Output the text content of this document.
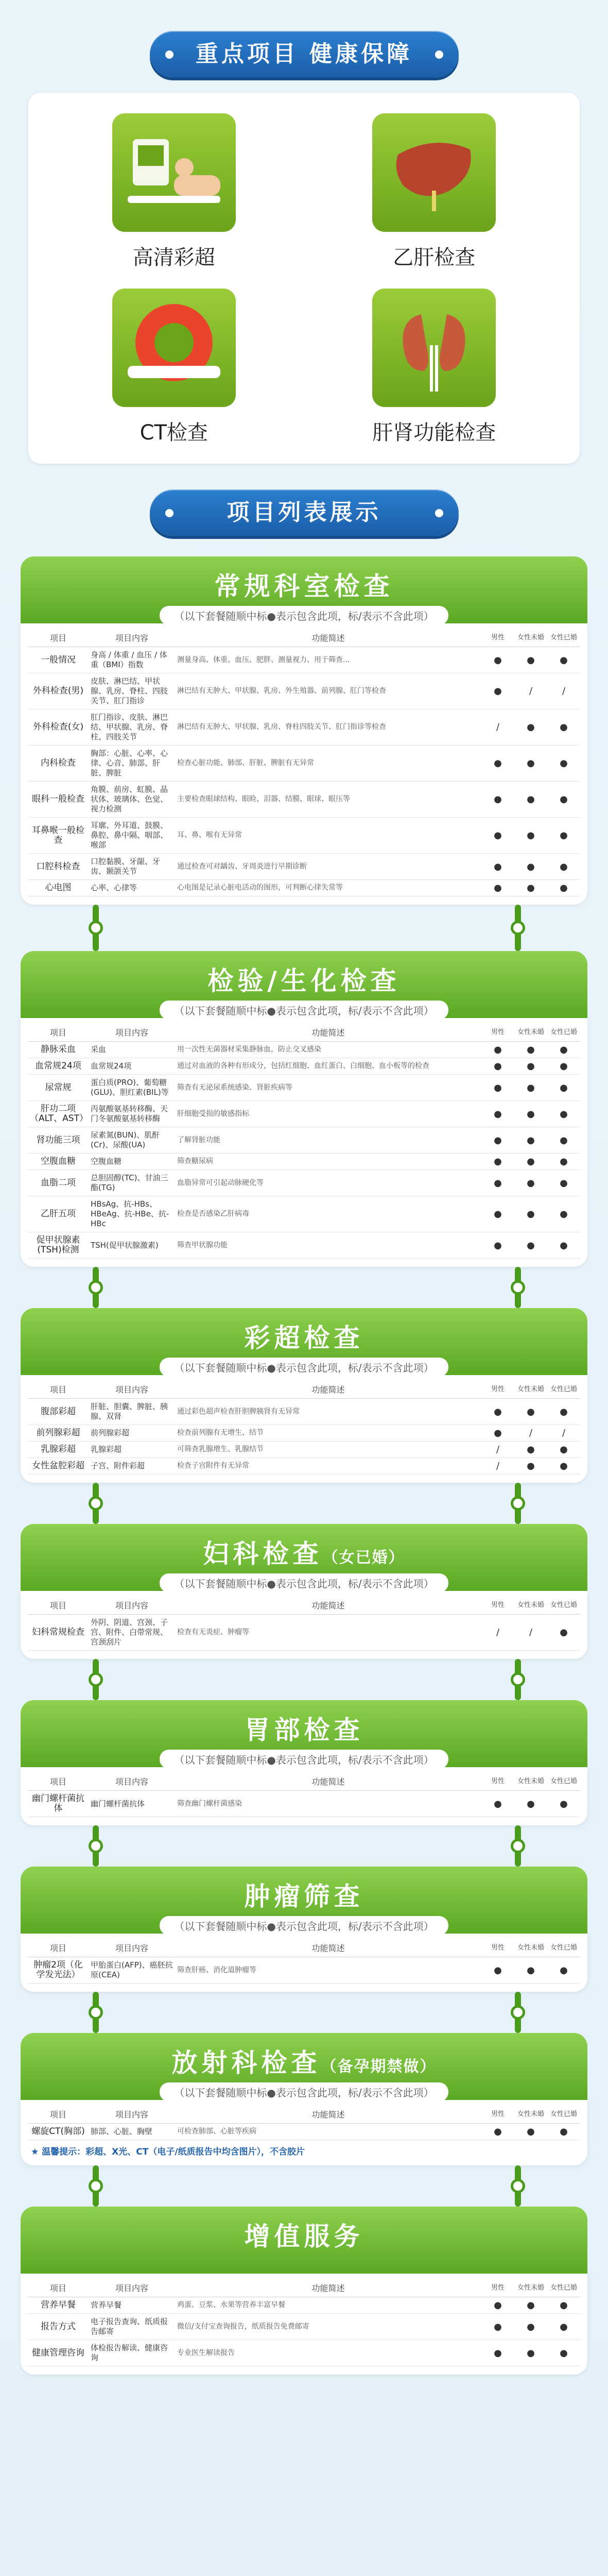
重点项目 健康保障
高清彩超	乙肝检查
CT检查	肝肾功能检查
项目列表展示
常规科室检查
（以下套餐随顺中标●表示包含此项，标/表示不含此项）
项目	项目内容	功能简述	男性	女性未婚	女性已婚
一般情况	身高 / 体重 / 血压 / 体重（BMI）指数	测量身高、体重、血压、肥胖、测量视力、用于筛查...	●	●	●
外科检查(男)	皮肤、淋巴结、甲状腺、乳房、脊柱、四肢关节、肛门指诊	淋巴结有无肿大、甲状腺、乳房、外生殖器、前列腺、肛门等检查	●	/	/
外科检查(女)	肛门指诊、皮肤、淋巴结、甲状腺、乳房、脊柱、四肢关节	淋巴结有无肿大、甲状腺、乳房、脊柱四肢关节、肛门指诊等检查	/	●	●
内科检查	胸部：心脏、心率、心律、心音、肺部、肝脏、脾脏	检查心脏功能、肺部、肝脏、脾脏有无异常	●	●	●
眼科一般检查	角膜、前房、虹膜、晶状体、玻璃体、色觉、视力检测	主要检查眼球结构、眼睑、泪器、结膜、眼球、眼压等	●	●	●
耳鼻喉一般检查	耳廓、外耳道、鼓膜、鼻腔、鼻中隔、咽部、喉部	耳、鼻、喉有无异常	●	●	●
口腔科检查	口腔黏膜、牙龈、牙齿、颞颌关节	通过检查可对龋齿、牙周炎进行早期诊断	●	●	●
心电图	心率、心律等	心电图是记录心脏电活动的图形，可判断心律失常等	●	●	●
检验/生化检查
（以下套餐随顺中标●表示包含此项，标/表示不含此项）
项目	项目内容	功能简述	男性	女性未婚	女性已婚
静脉采血	采血	用一次性无菌器材采集静脉血，防止交叉感染	●	●	●
血常规24项	血常规24项	通过对血液的各种有形成分，包括红细胞、血红蛋白、白细胞、血小板等的检查	●	●	●
尿常规	蛋白质(PRO)、葡萄糖(GLU)、胆红素(BIL)等	筛查有无泌尿系统感染、肾脏疾病等	●	●	●
肝功二项（ALT、AST）	丙氨酸氨基转移酶、天门冬氨酸氨基转移酶	肝细胞受损的敏感指标	●	●	●
肾功能三项	尿素氮(BUN)、肌酐(Cr)、尿酸(UA)	了解肾脏功能	●	●	●
空腹血糖	空腹血糖	筛查糖尿病	●	●	●
血脂二项	总胆固醇(TC)、甘油三酯(TG)	血脂异常可引起动脉硬化等	●	●	●
乙肝五项	HBsAg、抗-HBs、HBeAg、抗-HBe、抗-HBc	检查是否感染乙肝病毒	●	●	●
促甲状腺素(TSH)检测	TSH(促甲状腺激素)	筛查甲状腺功能	●	●	●
彩超检查
（以下套餐随顺中标●表示包含此项，标/表示不含此项）
项目	项目内容	功能简述	男性	女性未婚	女性已婚
腹部彩超	肝脏、胆囊、脾脏、胰腺、双肾	通过彩色超声检查肝胆脾胰肾有无异常	●	●	●
前列腺彩超	前列腺彩超	检查前列腺有无增生、结节	●	/	/
乳腺彩超	乳腺彩超	可筛查乳腺增生、乳腺结节	/	●	●
女性盆腔彩超	子宫、附件彩超	检查子宫附件有无异常	/	●	●
妇科检查（女已婚）
（以下套餐随顺中标●表示包含此项，标/表示不含此项）
项目	项目内容	功能简述	男性	女性未婚	女性已婚
妇科常规检查	外阴、阴道、宫颈、子宫、附件、白带常规、宫颈刮片	检查有无炎症、肿瘤等	/	/	●
胃部检查
（以下套餐随顺中标●表示包含此项，标/表示不含此项）
项目	项目内容	功能简述	男性	女性未婚	女性已婚
幽门螺杆菌抗体	幽门螺杆菌抗体	筛查幽门螺杆菌感染	●	●	●
肿瘤筛查
（以下套餐随顺中标●表示包含此项，标/表示不含此项）
项目	项目内容	功能简述	男性	女性未婚	女性已婚
肿瘤2项（化学发光法）	甲胎蛋白(AFP)、癌胚抗原(CEA)	筛查肝癌、消化道肿瘤等	●	●	●
放射科检查（备孕期禁做）
（以下套餐随顺中标●表示包含此项，标/表示不含此项）
项目	项目内容	功能简述	男性	女性未婚	女性已婚
螺旋CT(胸部)	肺部、心脏、胸壁	可检查肺部、心脏等疾病	●	●	●
★ 温馨提示：彩超、X光、CT（电子/纸质报告中均含图片），不含胶片
增值服务
项目	项目内容	功能简述	男性	女性未婚	女性已婚
营养早餐	营养早餐	鸡蛋、豆浆、水果等营养丰富早餐	●	●	●
报告方式	电子报告查询、纸质报告邮寄	微信/支付宝查询报告，纸质报告免费邮寄	●	●	●
健康管理咨询	体检报告解读、健康咨询	专业医生解读报告	●	●	●
